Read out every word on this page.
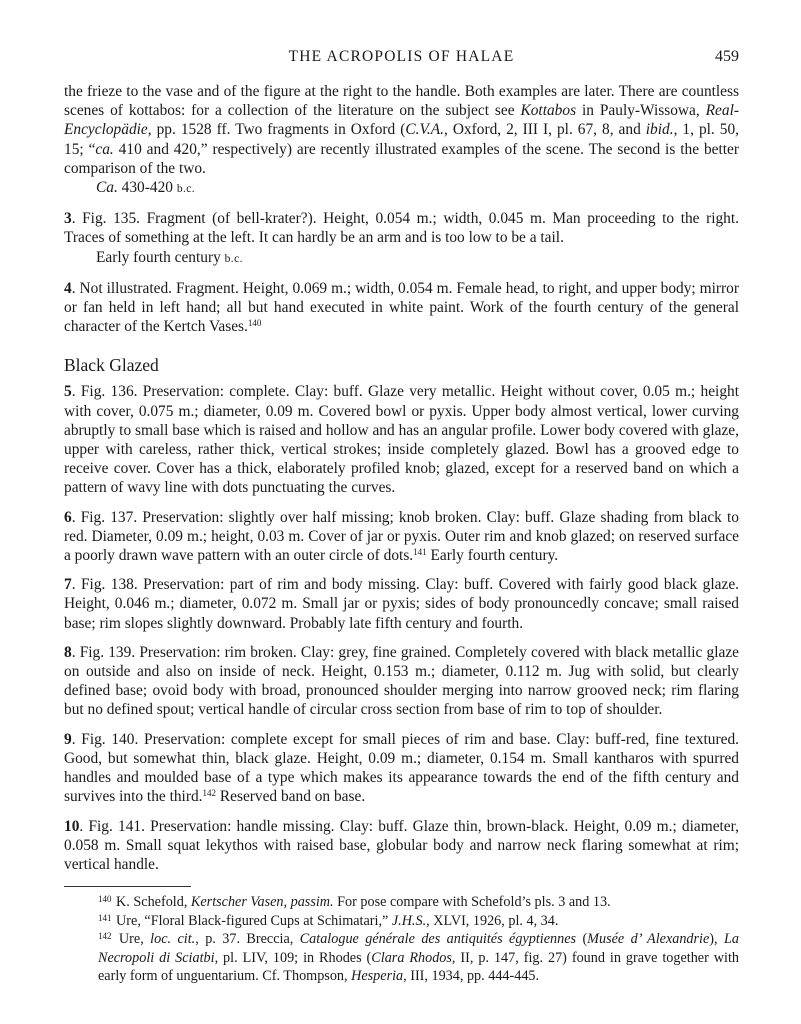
THE ACROPOLIS OF HALAE	459

the frieze to the vase and of the figure at the right to the handle. Both examples are later. There are countless scenes of kottabos: for a collection of the literature on the subject see Kottabos in Pauly-Wissowa, Real-Encyclopädie, pp. 1528 ff. Two fragments in Oxford (C.V.A., Oxford, 2, III I, pl. 67, 8, and ibid., 1, pl. 50, 15; “ca. 410 and 420,” respectively) are recently illustrated examples of the scene. The second is the better comparison of the two.

Ca. 430-420 b.c.

3. Fig. 135. Fragment (of bell-krater?). Height, 0.054 m.; width, 0.045 m. Man proceeding to the right. Traces of something at the left. It can hardly be an arm and is too low to be a tail.

Early fourth century b.c.

4. Not illustrated. Fragment. Height, 0.069 m.; width, 0.054 m. Female head, to right, and upper body; mirror or fan held in left hand; all but hand executed in white paint. Work of the fourth century of the general character of the Kertch Vases.$^{140}$

Black Glazed

5. Fig. 136. Preservation: complete. Clay: buff. Glaze very metallic. Height without cover, 0.05 m.; height with cover, 0.075 m.; diameter, 0.09 m. Covered bowl or pyxis. Upper body almost vertical, lower curving abruptly to small base which is raised and hollow and has an angular profile. Lower body covered with glaze, upper with careless, rather thick, vertical strokes; inside completely glazed. Bowl has a grooved edge to receive cover. Cover has a thick, elaborately profiled knob; glazed, except for a reserved band on which a pattern of wavy line with dots punctuating the curves.

6. Fig. 137. Preservation: slightly over half missing; knob broken. Clay: buff. Glaze shading from black to red. Diameter, 0.09 m.; height, 0.03 m. Cover of jar or pyxis. Outer rim and knob glazed; on reserved surface a poorly drawn wave pattern with an outer circle of dots.$^{141}$ Early fourth century.

7. Fig. 138. Preservation: part of rim and body missing. Clay: buff. Covered with fairly good black glaze. Height, 0.046 m.; diameter, 0.072 m. Small jar or pyxis; sides of body pronouncedly concave; small raised base; rim slopes slightly downward. Probably late fifth century and fourth.

8. Fig. 139. Preservation: rim broken. Clay: grey, fine grained. Completely covered with black metallic glaze on outside and also on inside of neck. Height, 0.153 m.; diameter, 0.112 m. Jug with solid, but clearly defined base; ovoid body with broad, pronounced shoulder merging into narrow grooved neck; rim flaring but no defined spout; vertical handle of circular cross section from base of rim to top of shoulder.

9. Fig. 140. Preservation: complete except for small pieces of rim and base. Clay: buff-red, fine textured. Good, but somewhat thin, black glaze. Height, 0.09 m.; diameter, 0.154 m. Small kantharos with spurred handles and moulded base of a type which makes its appearance towards the end of the fifth century and survives into the third.$^{142}$ Reserved band on base.

10. Fig. 141. Preservation: handle missing. Clay: buff. Glaze thin, brown-black. Height, 0.09 m.; diameter, 0.058 m. Small squat lekythos with raised base, globular body and narrow neck flaring somewhat at rim; vertical handle.

$^{140}$ K. Schefold, Kertscher Vasen, passim. For pose compare with Schefold’s pls. 3 and 13.

$^{141}$ Ure, “Floral Black-figured Cups at Schimatari,” J.H.S., XLVI, 1926, pl. 4, 34.

$^{142}$ Ure, loc. cit., p. 37. Breccia, Catalogue générale des antiquités égyptiennes (Musée d’ Alexandrie), La Necropoli di Sciatbi, pl. LIV, 109; in Rhodes (Clara Rhodos, II, p. 147, fig. 27) found in grave together with early form of unguentarium. Cf. Thompson, Hesperia, III, 1934, pp. 444-445.
